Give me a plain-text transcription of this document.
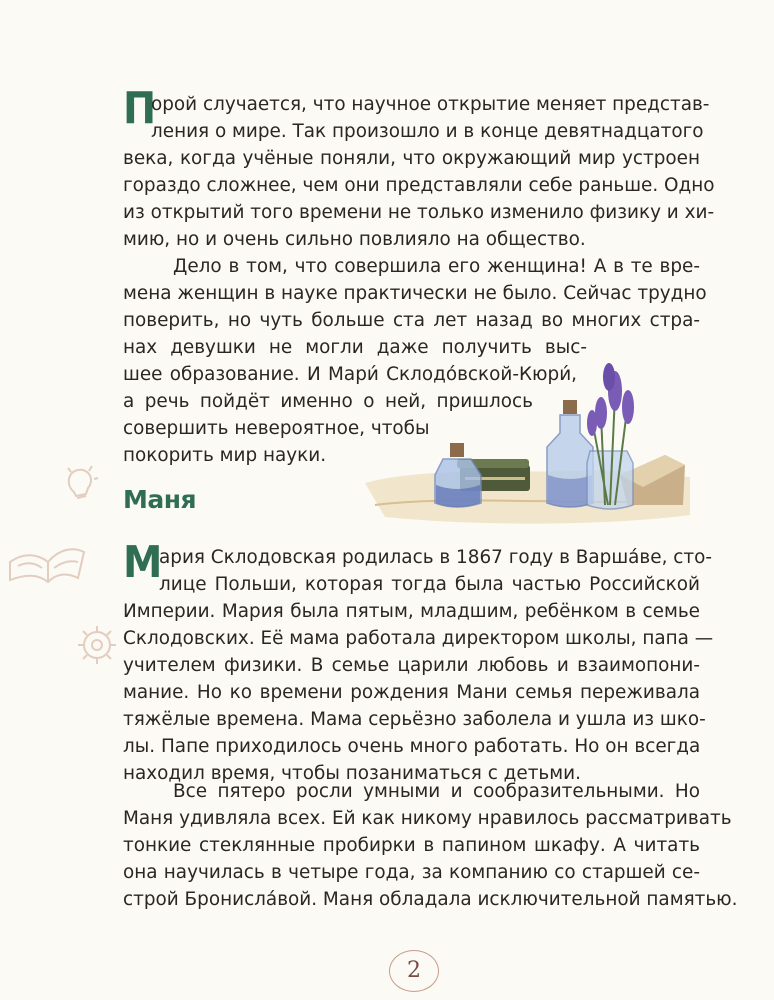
П
орой случается, что научное открытие меняет представ-
ления о мире. Так произошло и в конце девятнадцатого
века, когда учёные поняли, что окружающий мир устроен
гораздо сложнее, чем они представляли себе раньше. Одно
из открытий того времени не только изменило физику и хи-
мию, но и очень сильно повлияло на общество.
Дело в том, что совершила его женщина! А в те вре-
мена женщин в науке практически не было. Сейчас трудно
поверить, но чуть больше ста лет назад во многих стра-
нах девушки не могли даже получить выс-
шее образование. И Мари́ Склодо́вской-Кюри́,
а речь пойдёт именно о ней, пришлось
совершить невероятное, чтобы
покорить мир науки.
Маня
М
ария Склодовская родилась в 1867 году в Варша́ве, сто-
лице Польши, которая тогда была частью Российской
Империи. Мария была пятым, младшим, ребёнком в семье
Склодовских. Её мама работала директором школы, папа —
учителем физики. В семье царили любовь и взаимопони-
мание. Но ко времени рождения Мани семья переживала
тяжёлые времена. Мама серьёзно заболела и ушла из шко-
лы. Папе приходилось очень много работать. Но он всегда
находил время, чтобы позаниматься с детьми.
Все пятеро росли умными и сообразительными. Но
Маня удивляла всех. Ей как никому нравилось рассматривать
тонкие стеклянные пробирки в папином шкафу. А читать
она научилась в четыре года, за компанию со старшей се-
строй Бронисла́вой. Маня обладала исключительной памятью.
2
